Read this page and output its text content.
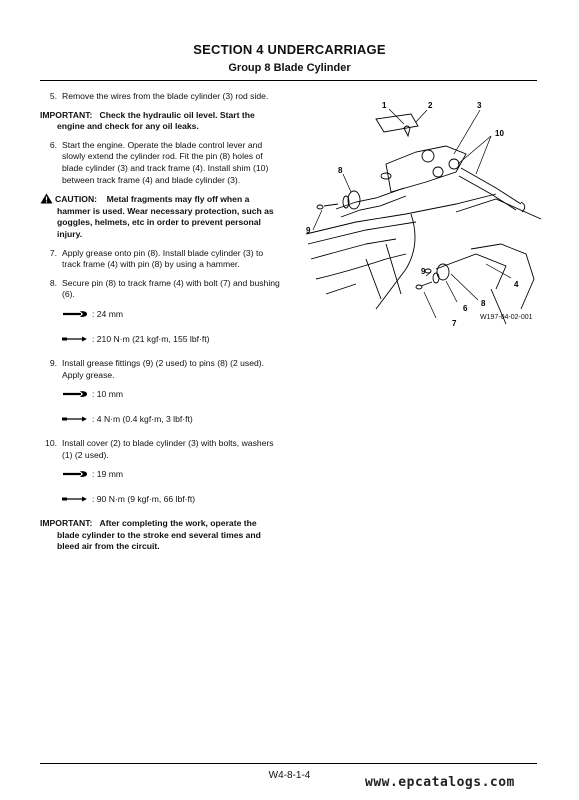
SECTION 4 UNDERCARRIAGE
Group 8 Blade Cylinder
5. Remove the wires from the blade cylinder (3) rod side.
IMPORTANT: Check the hydraulic oil level. Start the engine and check for any oil leaks.
6. Start the engine. Operate the blade control lever and slowly extend the cylinder rod. Fit the pin (8) holes of blade cylinder (3) and track frame (4). Install shim (10) between track frame (4) and blade cylinder (3).
CAUTION: Metal fragments may fly off when a hammer is used. Wear necessary protection, such as goggles, helmets, etc in order to prevent personal injury.
7. Apply grease onto pin (8). Install blade cylinder (3) to track frame (4) with pin (8) by using a hammer.
8. Secure pin (8) to track frame (4) with bolt (7) and bushing (6).
: 24 mm
: 210 N·m (21 kgf·m, 155 lbf·ft)
9. Install grease fittings (9) (2 used) to pins (8) (2 used). Apply grease.
: 10 mm
: 4 N·m (0.4 kgf·m, 3 lbf·ft)
10. Install cover (2) to blade cylinder (3) with bolts, washers (1) (2 used).
: 19 mm
: 90 N·m (9 kgf·m, 66 lbf·ft)
IMPORTANT: After completing the work, operate the blade cylinder to the stroke end several times and bleed air from the circuit.
1	2	3
10
8
9
4
9
6
8
7
W197-04-02-001
W4-8-1-4	www.epcatalogs.com
